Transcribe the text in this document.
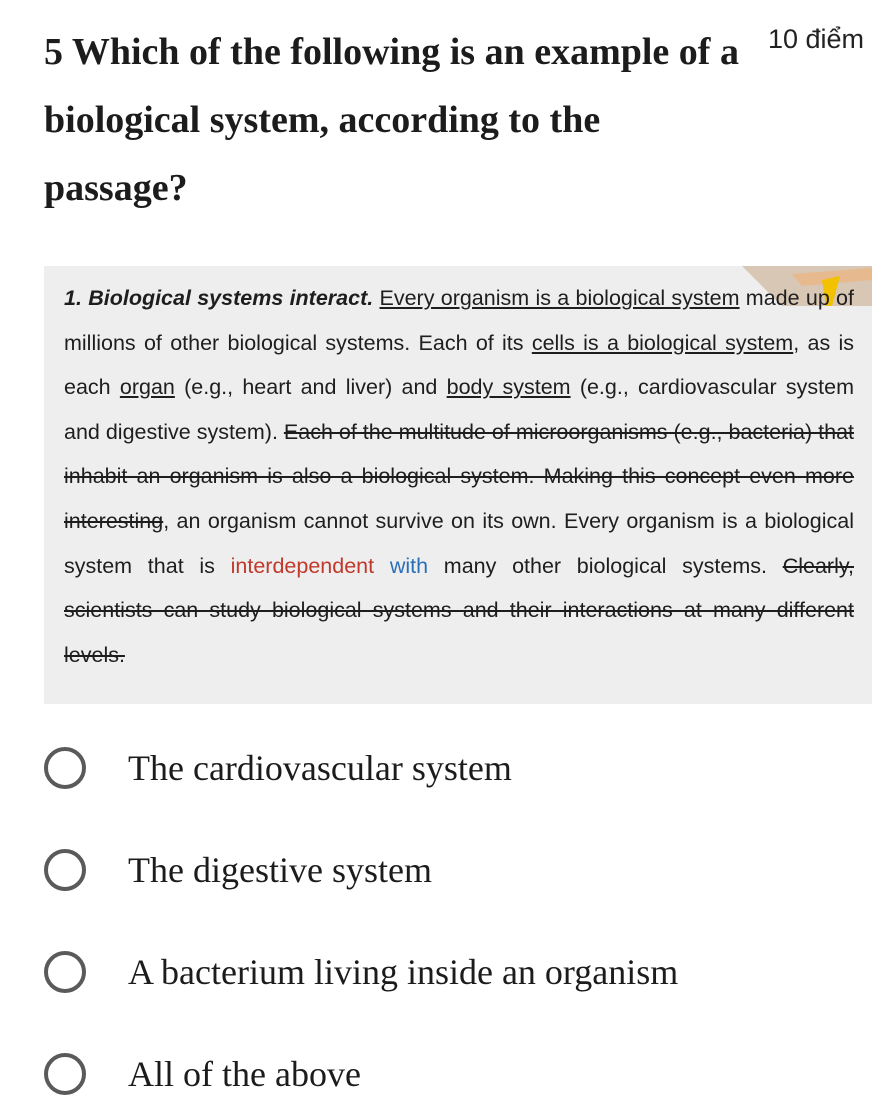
5 Which of the following is an example of a biological system, according to the passage?
10 điểm
1. Biological systems interact. Every organism is a biological system made up of millions of other biological systems. Each of its cells is a biological system, as is each organ (e.g., heart and liver) and body system (e.g., cardiovascular system and digestive system). Each of the multitude of microorganisms (e.g., bacteria) that inhabit an organism is also a biological system. Making this concept even more interesting, an organism cannot survive on its own. Every organism is a biological system that is interdependent with many other biological systems. Clearly, scientists can study biological systems and their interactions at many different levels.
The cardiovascular system
The digestive system
A bacterium living inside an organism
All of the above
